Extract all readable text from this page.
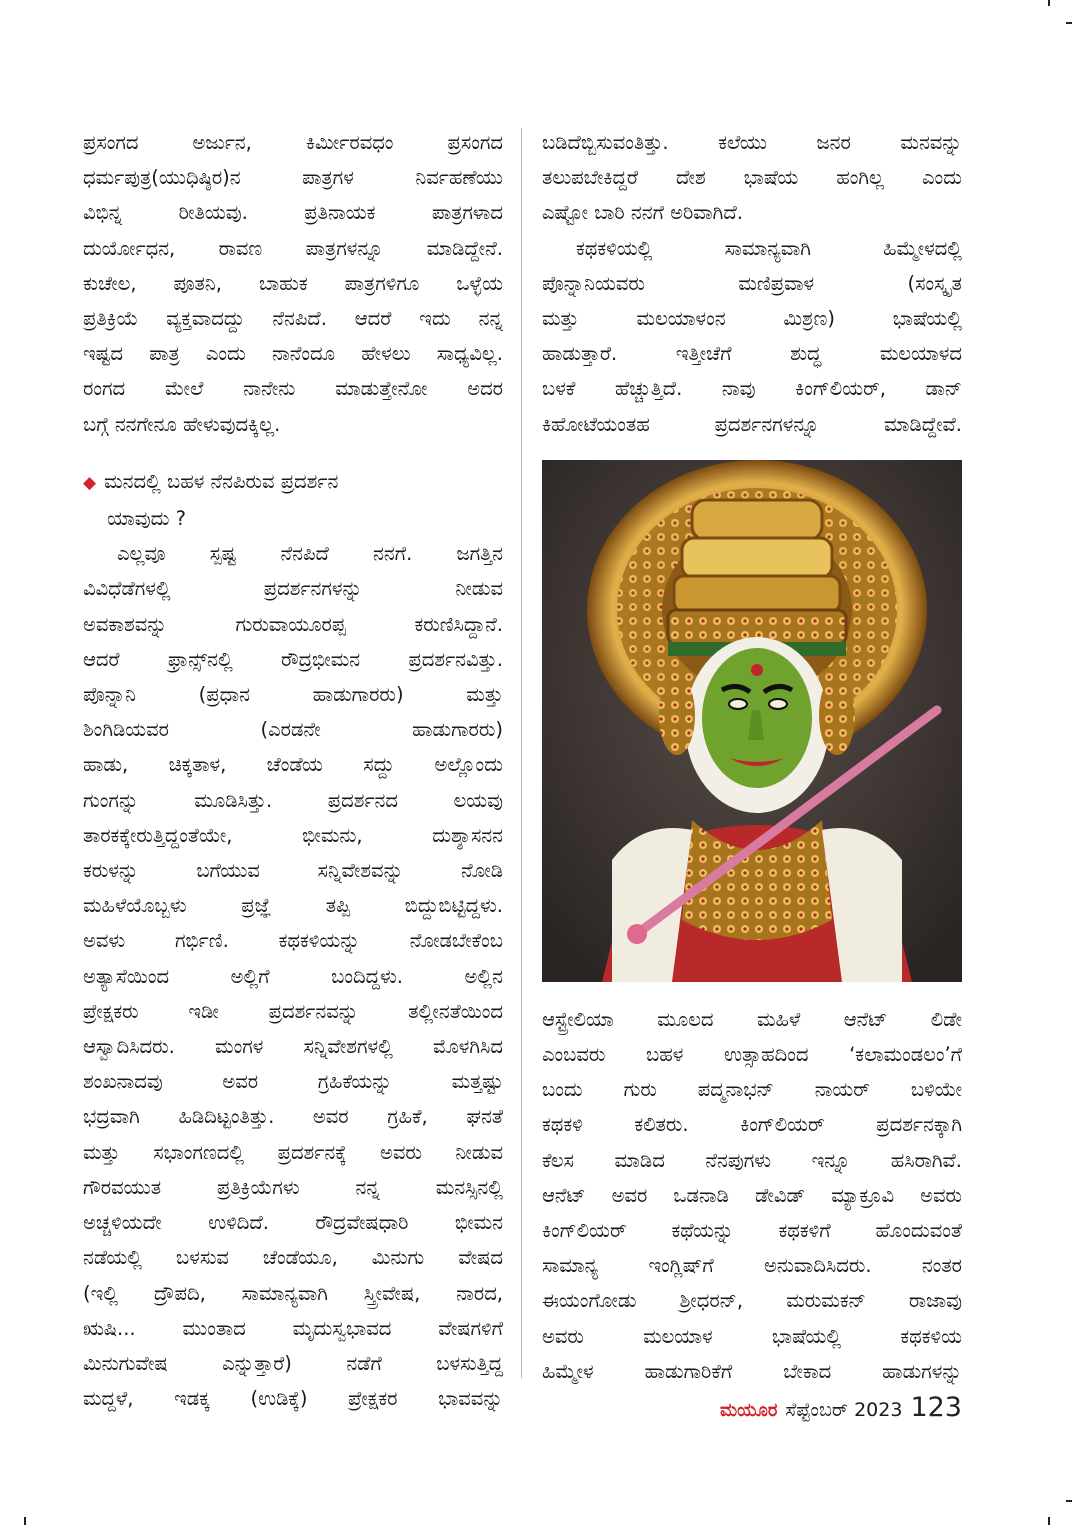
ಪ್ರಸಂಗದ ಅರ್ಜುನ, ಕಿರ್ಮೀರವಧಂ ಪ್ರಸಂಗದ

ಧರ್ಮಪುತ್ರ(ಯುಧಿಷ್ಠಿರ)ನ ಪಾತ್ರಗಳ ನಿರ್ವಹಣೆಯು

ವಿಭಿನ್ನ ರೀತಿಯವು. ಪ್ರತಿನಾಯಕ ಪಾತ್ರಗಳಾದ

ದುರ್ಯೋಧನ, ರಾವಣ ಪಾತ್ರಗಳನ್ನೂ ಮಾಡಿದ್ದೇನೆ.

ಕುಚೇಲ, ಪೂತನಿ, ಬಾಹುಕ ಪಾತ್ರಗಳಿಗೂ ಒಳ್ಳೆಯ

ಪ್ರತಿಕ್ರಿಯೆ ವ್ಯಕ್ತವಾದದ್ದು ನೆನಪಿದೆ. ಆದರೆ ಇದು ನನ್ನ

ಇಷ್ಟದ ಪಾತ್ರ ಎಂದು ನಾನೆಂದೂ ಹೇಳಲು ಸಾಧ್ಯವಿಲ್ಲ.

ರಂಗದ ಮೇಲೆ ನಾನೇನು ಮಾಡುತ್ತೇನೋ ಅದರ

ಬಗ್ಗೆ ನನಗೇನೂ ಹೇಳುವುದಕ್ಕಿಲ್ಲ.

◆ ಮನದಲ್ಲಿ ಬಹಳ ನೆನಪಿರುವ ಪ್ರದರ್ಶನ
ಯಾವುದು ?

ಎಲ್ಲವೂ ಸ್ಪಷ್ಟ ನೆನಪಿದೆ ನನಗೆ. ಜಗತ್ತಿನ

ವಿವಿಧೆಡೆಗಳಲ್ಲಿ ಪ್ರದರ್ಶನಗಳನ್ನು ನೀಡುವ

ಅವಕಾಶವನ್ನು ಗುರುವಾಯೂರಪ್ಪ ಕರುಣಿಸಿದ್ದಾನೆ.

ಆದರೆ ಫ್ರಾನ್ಸ್‌ನಲ್ಲಿ ರೌದ್ರಭೀಮನ ಪ್ರದರ್ಶನವಿತ್ತು.

ಪೊನ್ನಾನಿ (ಪ್ರಧಾನ ಹಾಡುಗಾರರು) ಮತ್ತು

ಶಿಂಗಿಡಿಯವರ (ಎರಡನೇ ಹಾಡುಗಾರರು)

ಹಾಡು, ಚಿಕ್ಕತಾಳ, ಚೆಂಡೆಯ ಸದ್ದು ಅಲ್ಲೊಂದು

ಗುಂಗನ್ನು ಮೂಡಿಸಿತ್ತು. ಪ್ರದರ್ಶನದ ಲಯವು

ತಾರಕಕ್ಕೇರುತ್ತಿದ್ದಂತೆಯೇ, ಭೀಮನು, ದುಶ್ಶಾಸನನ

ಕರುಳನ್ನು ಬಗೆಯುವ ಸನ್ನಿವೇಶವನ್ನು ನೋಡಿ

ಮಹಿಳೆಯೊಬ್ಬಳು ಪ್ರಜ್ಞೆ ತಪ್ಪಿ ಬಿದ್ದುಬಿಟ್ಟಿದ್ದಳು.

ಅವಳು ಗರ್ಭಿಣಿ. ಕಥಕಳಿಯನ್ನು ನೋಡಬೇಕೆಂಬ

ಅತ್ಯಾಸೆಯಿಂದ ಅಲ್ಲಿಗೆ ಬಂದಿದ್ದಳು. ಅಲ್ಲಿನ

ಪ್ರೇಕ್ಷಕರು ಇಡೀ ಪ್ರದರ್ಶನವನ್ನು ತಲ್ಲೀನತೆಯಿಂದ

ಆಸ್ವಾದಿಸಿದರು. ಮಂಗಳ ಸನ್ನಿವೇಶಗಳಲ್ಲಿ ಮೊಳಗಿಸಿದ

ಶಂಖನಾದವು ಅವರ ಗ್ರಹಿಕೆಯನ್ನು ಮತ್ತಷ್ಟು

ಭದ್ರವಾಗಿ ಹಿಡಿದಿಟ್ಟಂತಿತ್ತು. ಅವರ ಗ್ರಹಿಕೆ, ಘನತೆ

ಮತ್ತು ಸಭಾಂಗಣದಲ್ಲಿ ಪ್ರದರ್ಶನಕ್ಕೆ ಅವರು ನೀಡುವ

ಗೌರವಯುತ ಪ್ರತಿಕ್ರಿಯೆಗಳು ನನ್ನ ಮನಸ್ಸಿನಲ್ಲಿ

ಅಚ್ಚಳಿಯದೇ ಉಳಿದಿದೆ. ರೌದ್ರವೇಷಧಾರಿ ಭೀಮನ

ನಡೆಯಲ್ಲಿ ಬಳಸುವ ಚೆಂಡೆಯೂ, ಮಿನುಗು ವೇಷದ

(ಇಲ್ಲಿ ದ್ರೌಪದಿ, ಸಾಮಾನ್ಯವಾಗಿ ಸ್ತ್ರೀವೇಷ, ನಾರದ,

ಋಷಿ... ಮುಂತಾದ ಮೃದುಸ್ವಭಾವದ ವೇಷಗಳಿಗೆ

ಮಿನುಗುವೇಷ ಎನ್ನುತ್ತಾರೆ) ನಡೆಗೆ ಬಳಸುತ್ತಿದ್ದ

ಮದ್ದಳೆ, ಇಡಕ್ಕ (ಉಡಿಕ್ಕೆ) ಪ್ರೇಕ್ಷಕರ ಭಾವವನ್ನು

ಬಡಿದೆಬ್ಬಿಸುವಂತಿತ್ತು. ಕಲೆಯು ಜನರ ಮನವನ್ನು

ತಲುಪಬೇಕಿದ್ದರೆ ದೇಶ ಭಾಷೆಯ ಹಂಗಿಲ್ಲ ಎಂದು

ಎಷ್ಟೋ ಬಾರಿ ನನಗೆ ಅರಿವಾಗಿದೆ.

ಕಥಕಳಿಯಲ್ಲಿ ಸಾಮಾನ್ಯವಾಗಿ ಹಿಮ್ಮೇಳದಲ್ಲಿ

ಪೊನ್ನಾನಿಯವರು ಮಣಿಪ್ರವಾಳ (ಸಂಸ್ಕೃತ

ಮತ್ತು ಮಲಯಾಳಂನ ಮಿಶ್ರಣ) ಭಾಷೆಯಲ್ಲಿ

ಹಾಡುತ್ತಾರೆ. ಇತ್ತೀಚೆಗೆ ಶುದ್ಧ ಮಲಯಾಳದ

ಬಳಕೆ ಹೆಚ್ಚುತ್ತಿದೆ. ನಾವು ಕಿಂಗ್‌ಲಿಯರ್, ಡಾನ್

ಕಿಹೋಟೆಯಂತಹ ಪ್ರದರ್ಶನಗಳನ್ನೂ ಮಾಡಿದ್ದೇವೆ.

ಆಸ್ಟ್ರೇಲಿಯಾ ಮೂಲದ ಮಹಿಳೆ ಆನೆಟ್ ಲಿಡೇ

ಎಂಬವರು ಬಹಳ ಉತ್ಸಾಹದಿಂದ ‘ಕಲಾಮಂಡಲಂ’ಗೆ

ಬಂದು ಗುರು ಪದ್ಮನಾಭನ್ ನಾಯರ್ ಬಳಿಯೇ

ಕಥಕಳಿ ಕಲಿತರು. ಕಿಂಗ್‌ಲಿಯರ್ ಪ್ರದರ್ಶನಕ್ಕಾಗಿ

ಕೆಲಸ ಮಾಡಿದ ನೆನಪುಗಳು ಇನ್ನೂ ಹಸಿರಾಗಿವೆ.

ಆನೆಟ್ ಅವರ ಒಡನಾಡಿ ಡೇವಿಡ್ ಮ್ಯಾಕ್ರೂವಿ ಅವರು

ಕಿಂಗ್‌ಲಿಯರ್ ಕಥೆಯನ್ನು ಕಥಕಳಿಗೆ ಹೊಂದುವಂತೆ

ಸಾಮಾನ್ಯ ಇಂಗ್ಲಿಷ್‌ಗೆ ಅನುವಾದಿಸಿದರು. ನಂತರ

ಈಯಂಗೋಡು ಶ್ರೀಧರನ್, ಮರುಮಕನ್ ರಾಜಾವು

ಅವರು ಮಲಯಾಳ ಭಾಷೆಯಲ್ಲಿ ಕಥಕಳಿಯ

ಹಿಮ್ಮೇಳ ಹಾಡುಗಾರಿಕೆಗೆ ಬೇಕಾದ ಹಾಡುಗಳನ್ನು

ಮಯೂರ ಸೆಪ್ಟೆಂಬರ್ 2023 123
